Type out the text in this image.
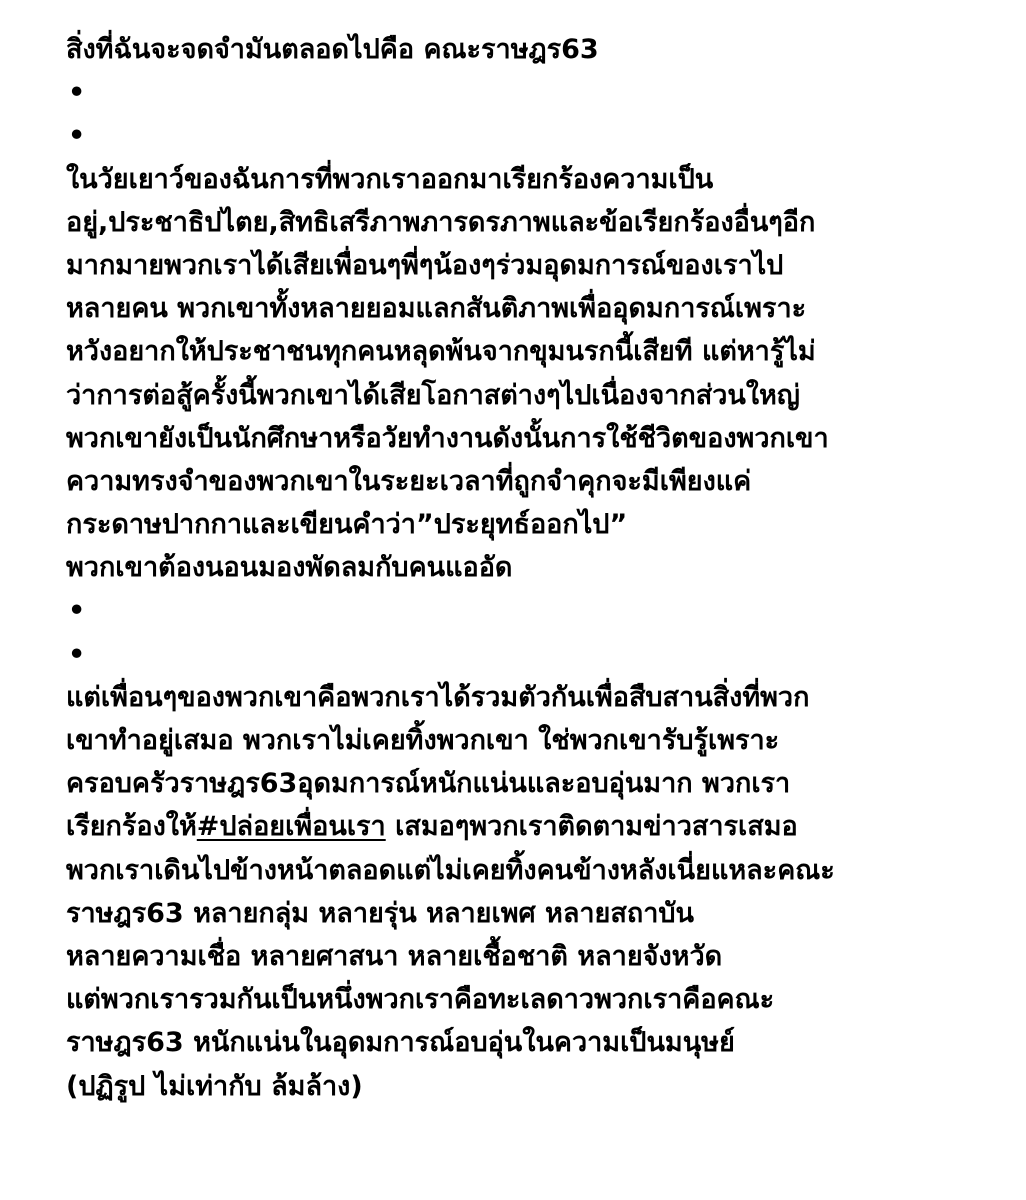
สิ่งที่ฉันจะจดจำมันตลอดไปคือ คณะราษฎร63
•
•
ในวัยเยาว์ของฉันการที่พวกเราออกมาเรียกร้องความเป็น
อยู่,ประชาธิปไตย,สิทธิเสรีภาพภารดรภาพและข้อเรียกร้องอื่นๆอีก
มากมายพวกเราได้เสียเพื่อนๆพี่ๆน้องๆร่วมอุดมการณ์ของเราไป
หลายคน พวกเขาทั้งหลายยอมแลกสันติภาพเพื่ออุดมการณ์เพราะ
หวังอยากให้ประชาชนทุกคนหลุดพ้นจากขุมนรกนี้เสียที แต่หารู้ไม่
ว่าการต่อสู้ครั้งนี้พวกเขาได้เสียโอกาสต่างๆไปเนื่องจากส่วนใหญ่
พวกเขายังเป็นนักศึกษาหรือวัยทำงานดังนั้นการใช้ชีวิตของพวกเขา
ความทรงจำของพวกเขาในระยะเวลาที่ถูกจำคุกจะมีเพียงแค่
กระดาษปากกาและเขียนคำว่า”ประยุทธ์ออกไป”
พวกเขาต้องนอนมองพัดลมกับคนแออัด
•
•
แต่เพื่อนๆของพวกเขาคือพวกเราได้รวมตัวกันเพื่อสืบสานสิ่งที่พวก
เขาทำอยู่เสมอ พวกเราไม่เคยทิ้งพวกเขา ใช่พวกเขารับรู้เพราะ
ครอบครัวราษฎร63อุดมการณ์หนักแน่นและอบอุ่นมาก พวกเรา
เรียกร้องให้#ปล่อยเพื่อนเรา เสมอๆพวกเราติดตามข่าวสารเสมอ
พวกเราเดินไปข้างหน้าตลอดแต่ไม่เคยทิ้งคนข้างหลังเนี่ยแหละคณะ
ราษฎร63 หลายกลุ่ม หลายรุ่น หลายเพศ หลายสถาบัน
หลายความเชื่อ หลายศาสนา หลายเชื้อชาติ หลายจังหวัด
แต่พวกเรารวมกันเป็นหนึ่งพวกเราคือทะเลดาวพวกเราคือคณะ
ราษฎร63 หนักแน่นในอุดมการณ์อบอุ่นในความเป็นมนุษย์
(ปฏิรูป ไม่เท่ากับ ล้มล้าง)
